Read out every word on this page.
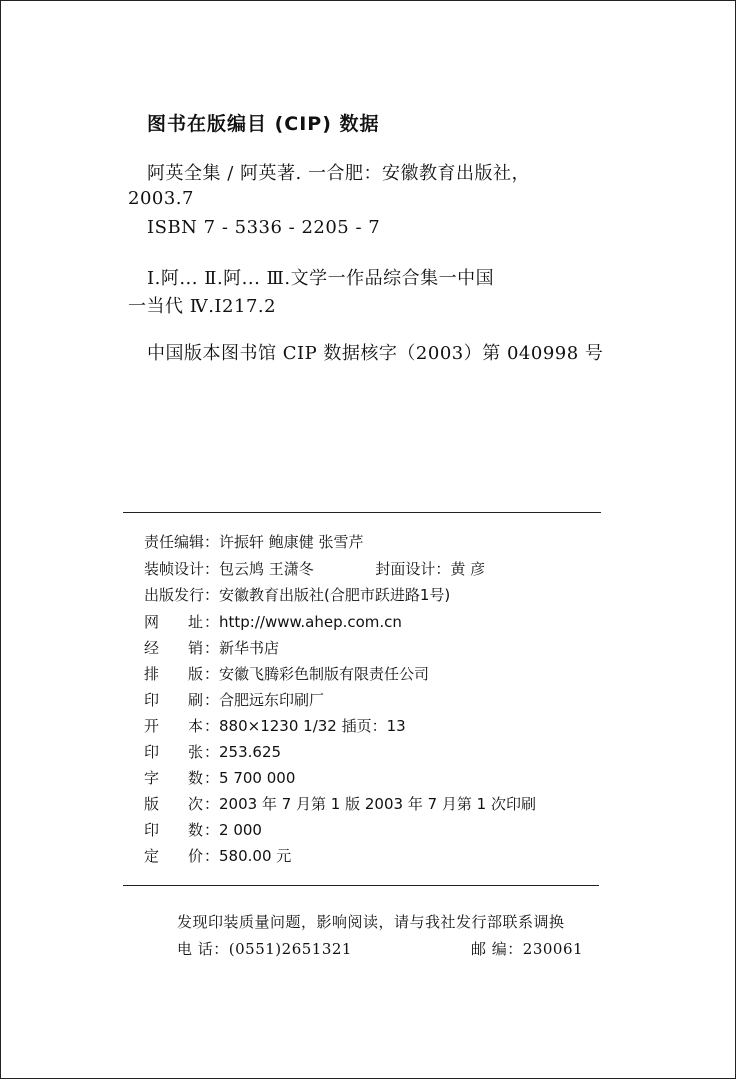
图书在版编目 (CIP) 数据
阿英全集 / 阿英著. 一合肥：安徽教育出版社，
2003.7
ISBN 7 - 5336 - 2205 - 7
Ⅰ.阿... Ⅱ.阿... Ⅲ.文学一作品综合集一中国
一当代 Ⅳ.I217.2
中国版本图书馆 CIP 数据核字（2003）第 040998 号
责任编辑：许振轩 鲍康健 张雪芹
装帧设计：包云鸠 王潇冬	封面设计：黄 彦
出版发行：安徽教育出版社(合肥市跃进路1号)
网 址：http://www.ahep.com.cn
经 销：新华书店
排 版：安徽飞腾彩色制版有限责任公司
印 刷：合肥远东印刷厂
开 本：880×1230 1/32 插页：13
印 张：253.625
字 数：5 700 000
版 次：2003 年 7 月第 1 版 2003 年 7 月第 1 次印刷
印 数：2 000
定 价：580.00 元
发现印装质量问题，影响阅读，请与我社发行部联系调换
电 话：(0551)2651321	邮 编：230061
